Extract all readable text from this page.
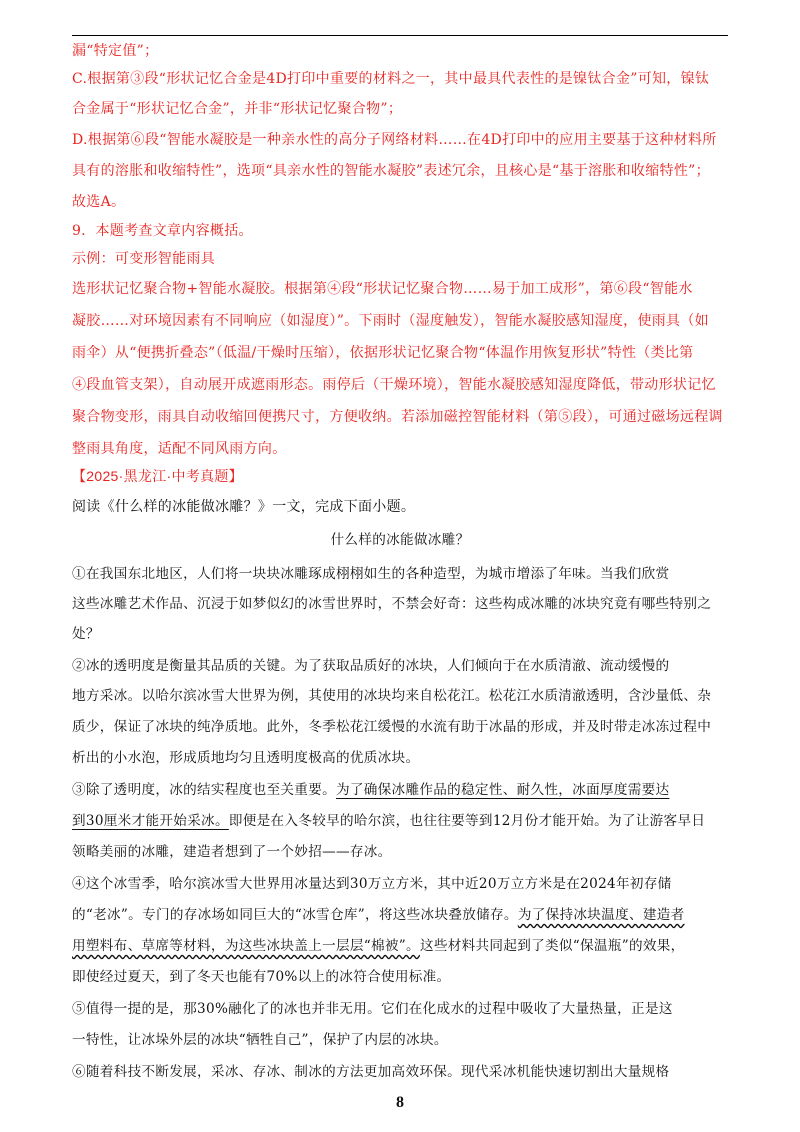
漏“特定值”；
C.根据第③段“形状记忆合金是4D打印中重要的材料之一，其中最具代表性的是镍钛合金”可知，镍钛
合金属于“形状记忆合金”，并非“形状记忆聚合物”；
D.根据第⑥段“智能水凝胶是一种亲水性的高分子网络材料……在4D打印中的应用主要基于这种材料所
具有的溶胀和收缩特性”，选项“具亲水性的智能水凝胶”表述冗余，且核心是“基于溶胀和收缩特性”；
故选A。
9．本题考查文章内容概括。
示例：可变形智能雨具
选形状记忆聚合物+智能水凝胶。根据第④段“形状记忆聚合物……易于加工成形”，第⑥段“智能水
凝胶……对环境因素有不同响应（如湿度）”。下雨时（湿度触发），智能水凝胶感知湿度，使雨具（如
雨伞）从“便携折叠态”（低温/干燥时压缩），依据形状记忆聚合物“体温作用恢复形状”特性（类比第
④段血管支架），自动展开成遮雨形态。雨停后（干燥环境），智能水凝胶感知湿度降低，带动形状记忆
聚合物变形，雨具自动收缩回便携尺寸，方便收纳。若添加磁控智能材料（第⑤段），可通过磁场远程调
整雨具角度，适配不同风雨方向。
【2025·黑龙江·中考真题】
阅读《什么样的冰能做冰雕？》一文，完成下面小题。
什么样的冰能做冰雕？
①在我国东北地区，人们将一块块冰雕琢成栩栩如生的各种造型，为城市增添了年味。当我们欣赏
这些冰雕艺术作品、沉浸于如梦似幻的冰雪世界时，不禁会好奇：这些构成冰雕的冰块究竟有哪些特别之
处？
②冰的透明度是衡量其品质的关键。为了获取品质好的冰块，人们倾向于在水质清澈、流动缓慢的
地方采冰。以哈尔滨冰雪大世界为例，其使用的冰块均来自松花江。松花江水质清澈透明，含沙量低、杂
质少，保证了冰块的纯净质地。此外，冬季松花江缓慢的水流有助于冰晶的形成，并及时带走冰冻过程中
析出的小水泡，形成质地均匀且透明度极高的优质冰块。
③除了透明度，冰的结实程度也至关重要。为了确保冰雕作品的稳定性、耐久性，冰面厚度需要达
到30厘米才能开始采冰。即便是在入冬较早的哈尔滨，也往往要等到12月份才能开始。为了让游客早日
领略美丽的冰雕，建造者想到了一个妙招——存冰。
④这个冰雪季，哈尔滨冰雪大世界用冰量达到30万立方米，其中近20万立方米是在2024年初存储
的“老冰”。专门的存冰场如同巨大的“冰雪仓库”，将这些冰块叠放储存。为了保持冰块温度、建造者
用塑料布、草席等材料，为这些冰块盖上一层层“棉被”。这些材料共同起到了类似“保温瓶”的效果，
即使经过夏天，到了冬天也能有70%以上的冰符合使用标准。
⑤值得一提的是，那30%融化了的冰也并非无用。它们在化成水的过程中吸收了大量热量，正是这
一特性，让冰垛外层的冰块“牺牲自己”，保护了内层的冰块。
⑥随着科技不断发展，采冰、存冰、制冰的方法更加高效环保。现代采冰机能快速切割出大量规格
8
